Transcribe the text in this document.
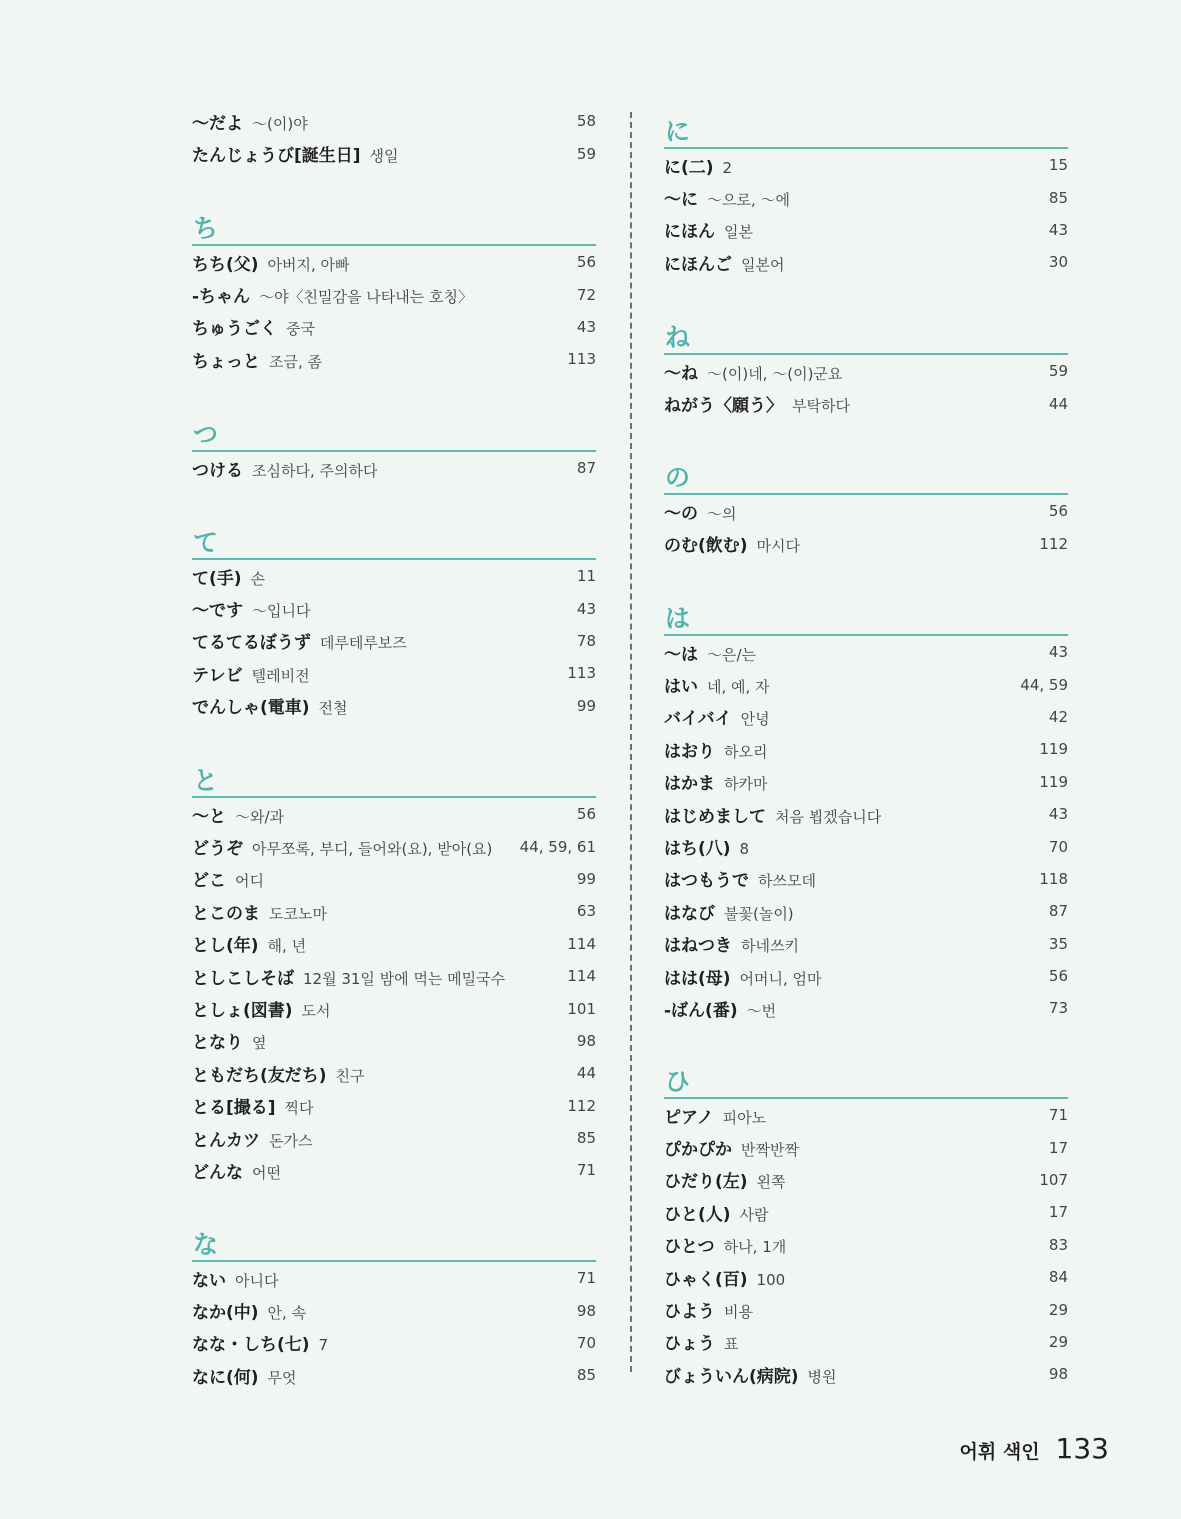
～だよ ～(이)야	58
たんじょうび[誕生日] 생일	59
ち
ちち(父) 아버지, 아빠	56
-ちゃん ～야〈친밀감을 나타내는 호칭〉	72
ちゅうごく 중국	43
ちょっと 조금, 좀	113
つ
つける 조심하다, 주의하다	87
て
て(手) 손	11
～です ～입니다	43
てるてるぼうず 데루테루보즈	78
テレビ 텔레비전	113
でんしゃ(電車) 전철	99
と
～と ～와/과	56
どうぞ 아무쪼록, 부디, 들어와(요), 받아(요) 44, 59, 61
どこ 어디	99
とこのま 도코노마	63
とし(年) 해, 년	114
としこしそば 12월 31일 밤에 먹는 메밀국수	114
としょ(図書) 도서	101
となり 옆	98
ともだち(友だち) 친구	44
とる[撮る] 찍다	112
とんカツ 돈가스	85
どんな 어떤	71
な
ない 아니다	71
なか(中) 안, 속	98
なな・しち(七) 7	70
なに(何) 무엇	85
に
に(二) 2	15
～に ～으로, ～에	85
にほん 일본	43
にほんご 일본어	30
ね
～ね ～(이)네, ～(이)군요	59
ねがう〈願う〉 부탁하다	44
の
～の ～의	56
のむ(飲む) 마시다	112
は
～は ～은/는	43
はい 네, 예, 자	44, 59
バイバイ 안녕	42
はおり 하오리	119
はかま 하카마	119
はじめまして 처음 뵙겠습니다	43
はち(八) 8	70
はつもうで 하쓰모데	118
はなび 불꽃(놀이)	87
はねつき 하네쓰키	35
はは(母) 어머니, 엄마	56
-ばん(番) ～번	73
ひ
ピアノ 피아노	71
ぴかぴか 반짝반짝	17
ひだり(左) 왼쪽	107
ひと(人) 사람	17
ひとつ 하나, 1개	83
ひゃく(百) 100	84
ひよう 비용	29
ひょう 표	29
びょういん(病院) 병원	98
어휘 색인 133
